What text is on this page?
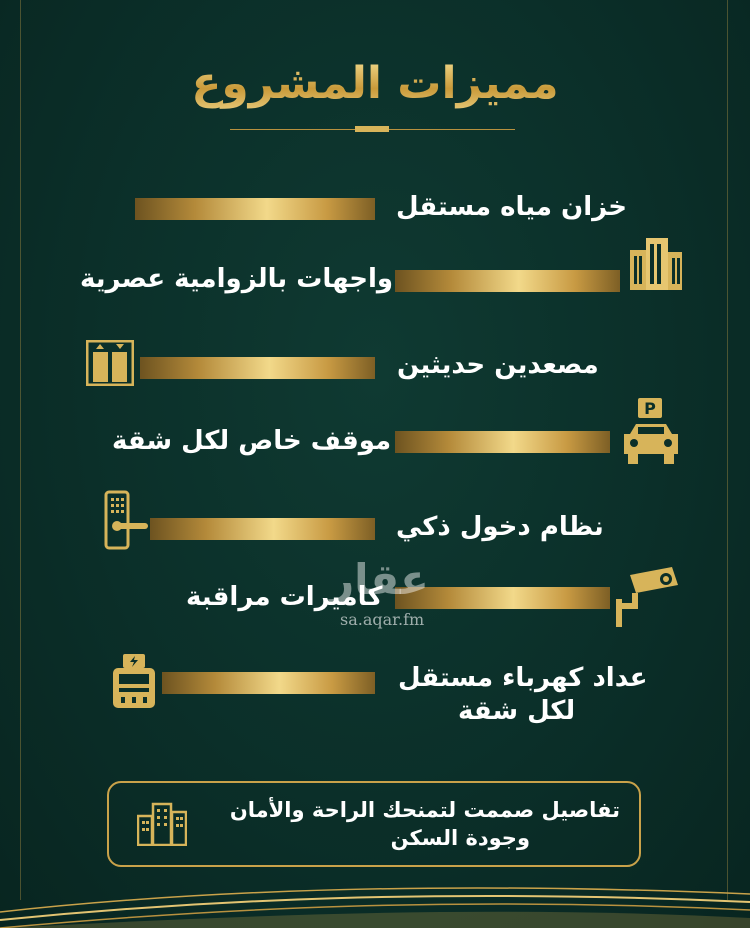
مميزات المشروع
خزان مياه مستقل
واجهات بالزوامية عصرية
مصعدين حديثين
P
موقف خاص لكل شقة
نظام دخول ذكي
كاميرات مراقبة
عداد كهرباء مستقل
لكل شقة
عقار
sa.aqar.fm
تفاصيل صممت لتمنحك الراحة والأمان
وجودة السكن
